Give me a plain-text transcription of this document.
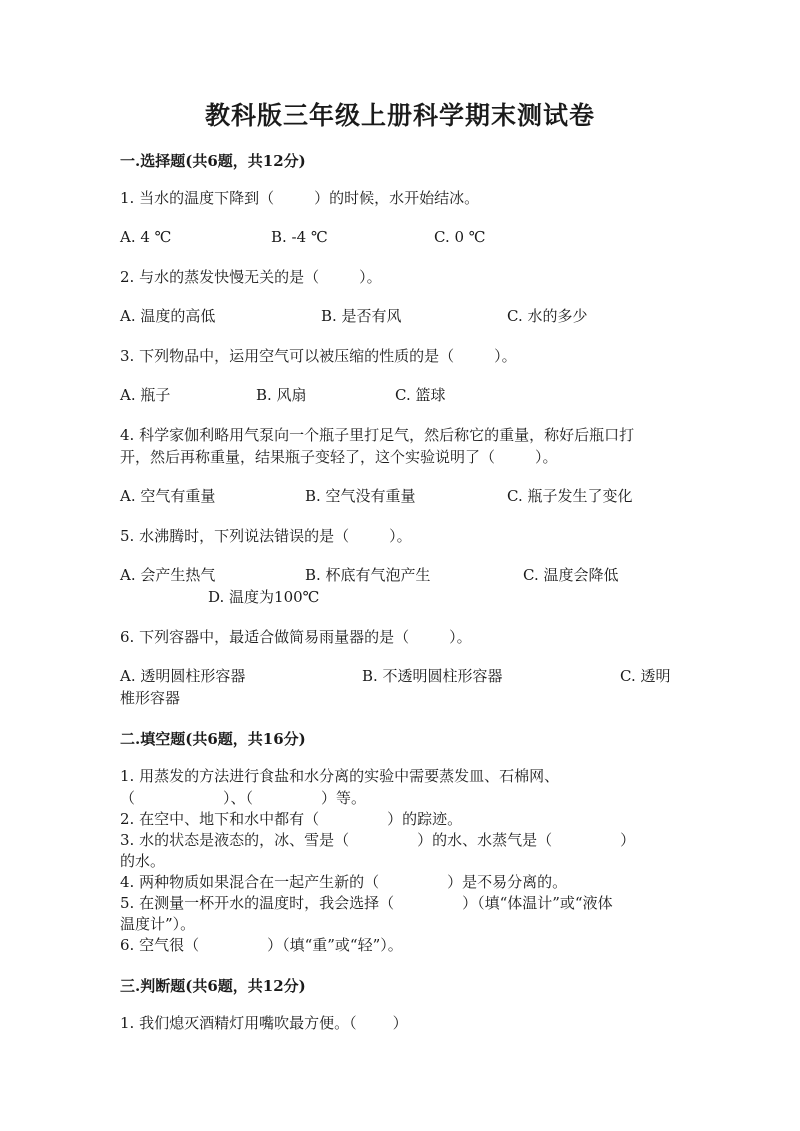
教科版三年级上册科学期末测试卷
一.选择题(共6题，共12分)
1. 当水的温度下降到（	）的时候，水开始结冰。
A. 4 ℃	B. -4 ℃	C. 0 ℃
2. 与水的蒸发快慢无关的是（	）。
A. 温度的高低	B. 是否有风	C. 水的多少
3. 下列物品中，运用空气可以被压缩的性质的是（	）。
A. 瓶子	B. 风扇	C. 篮球
4. 科学家伽利略用气泵向一个瓶子里打足气，然后称它的重量，称好后瓶口打
开，然后再称重量，结果瓶子变轻了，这个实验说明了（	）。
A. 空气有重量	B. 空气没有重量	C. 瓶子发生了变化
5. 水沸腾时，下列说法错误的是（	）。
A. 会产生热气	B. 杯底有气泡产生	C. 温度会降低
D. 温度为100℃
6. 下列容器中，最适合做简易雨量器的是（	）。
A. 透明圆柱形容器	B. 不透明圆柱形容器	C. 透明
椎形容器
二.填空题(共6题，共16分)
1. 用蒸发的方法进行食盐和水分离的实验中需要蒸发皿、石棉网、
（	）、（	）等。
2. 在空中、地下和水中都有（	）的踪迹。
3. 水的状态是液态的，冰、雪是（	）的水、水蒸气是（	）
的水。
4. 两种物质如果混合在一起产生新的（	）是不易分离的。
5. 在测量一杯开水的温度时，我会选择（	）（填“体温计”或“液体
温度计”）。
6. 空气很（	）（填“重”或“轻”）。
三.判断题(共6题，共12分)
1. 我们熄灭酒精灯用嘴吹最方便。（ ）
